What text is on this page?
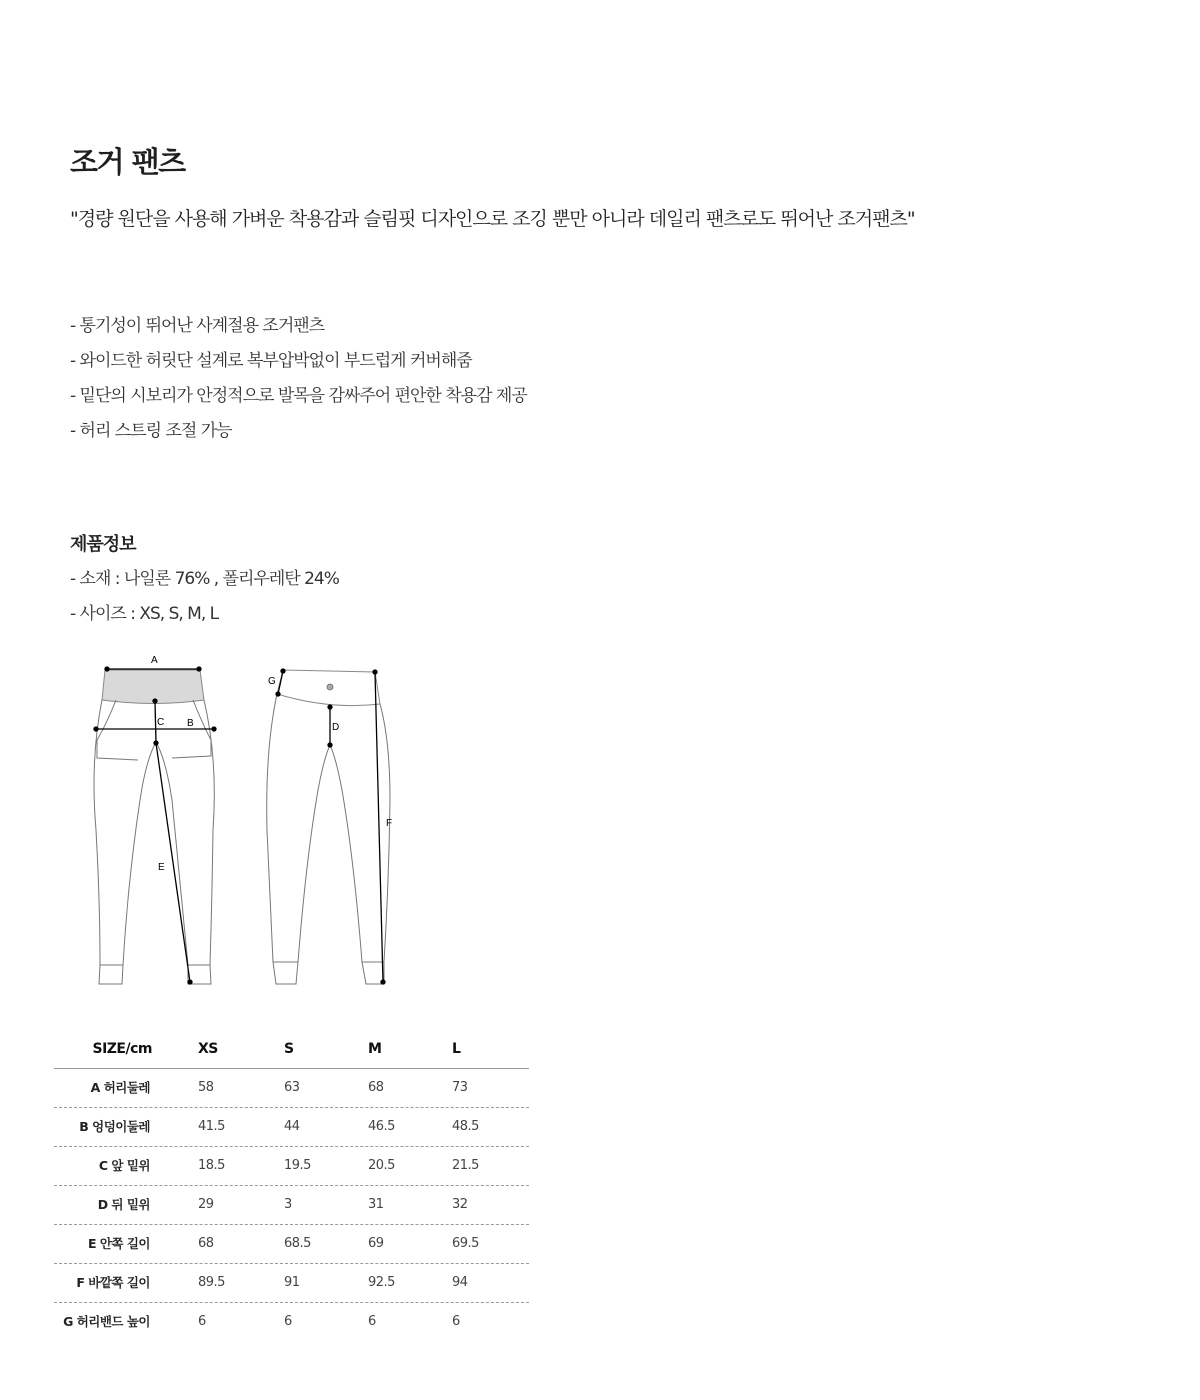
조거 팬츠

"경량 원단을 사용해 가벼운 착용감과 슬림핏 디자인으로 조깅 뿐만 아니라 데일리 팬츠로도 뛰어난 조거팬츠"

- 통기성이 뛰어난 사계절용 조거팬츠
- 와이드한 허릿단 설계로 복부압박없이 부드럽게 커버해줌
- 밑단의 시보리가 안정적으로 발목을 감싸주어 편안한 착용감 제공
- 허리 스트링 조절 가능
제품정보
- 소재 : 나일론 76% , 폴리우레탄 24%
- 사이즈 : XS, S, M, L
A
C B
E
G
D
F
SIZE/cm	XS	S	M	L
A 허리둘레	58	63	68	73
B 엉덩이둘레	41.5	44	46.5	48.5
C 앞 밑위	18.5	19.5	20.5	21.5
D 뒤 밑위	29	3	31	32
E 안쪽 길이	68	68.5	69	69.5
F 바깥쪽 길이	89.5	91	92.5	94
G 허리밴드 높이	6	6	6	6
